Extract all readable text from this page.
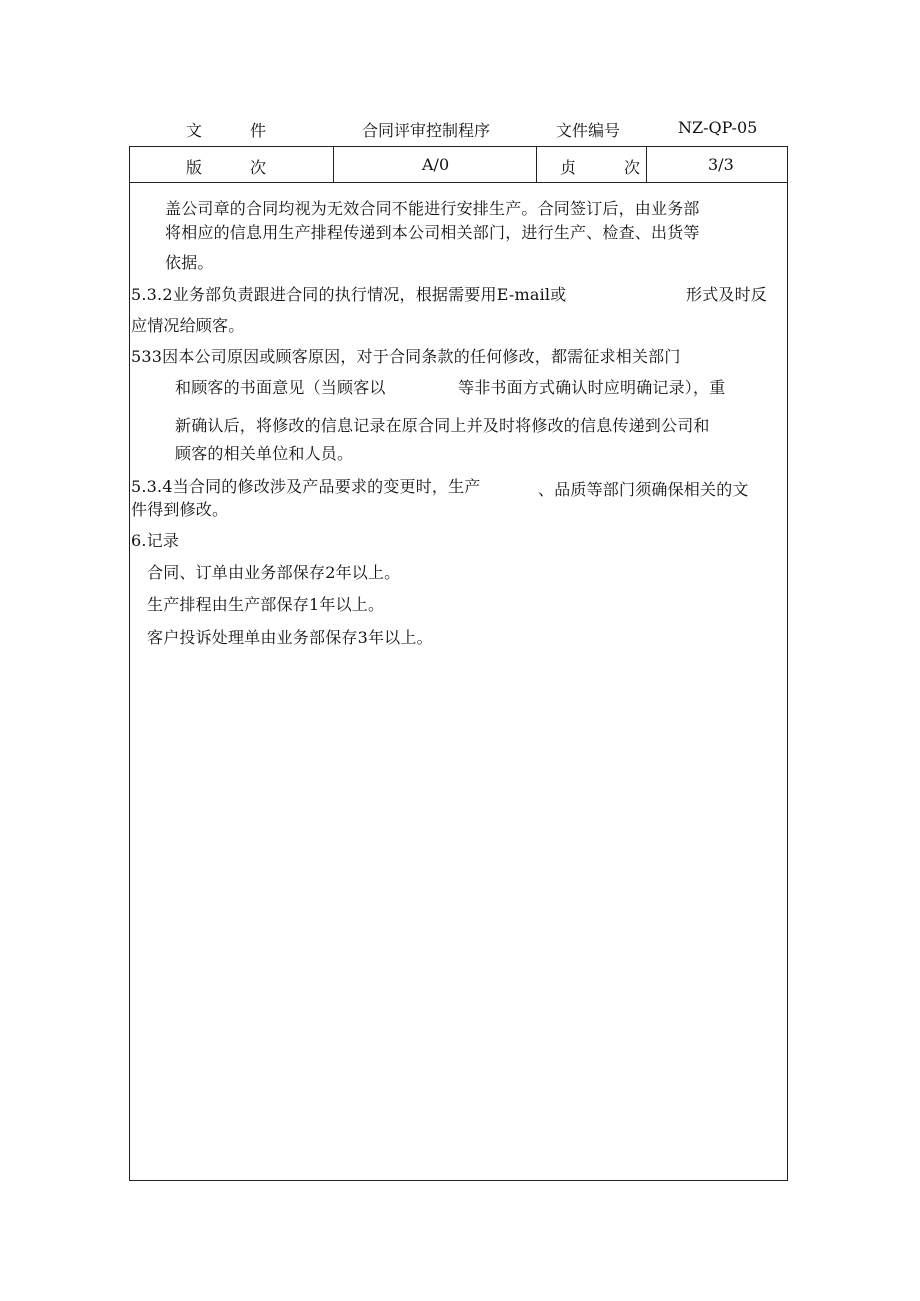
文　　　件	合同评审控制程序	文件编号	NZ-QP-05
版　　　次	A/0	贞　　　次	3/3
盖公司章的合同均视为无效合同不能进行安排生产。合同签订后，由业务部
将相应的信息用生产排程传递到本公司相关部门，进行生产、检查、出货等
依据。
5.3.2业务部负责跟进合同的执行情况，根据需要用E-mail或	形式及时反
应情况给顾客。
533因本公司原因或顾客原因，对于合同条款的任何修改，都需征求相关部门
和顾客的书面意见（当顾客以	等非书面方式确认时应明确记录），重
新确认后，将修改的信息记录在原合同上并及时将修改的信息传递到公司和
顾客的相关单位和人员。
5.3.4当合同的修改涉及产品要求的变更时，生产	、品质等部门须确保相关的文
件得到修改。
6.记录
合同、订单由业务部保存2年以上。
生产排程由生产部保存1年以上。
客户投诉处理单由业务部保存3年以上。
